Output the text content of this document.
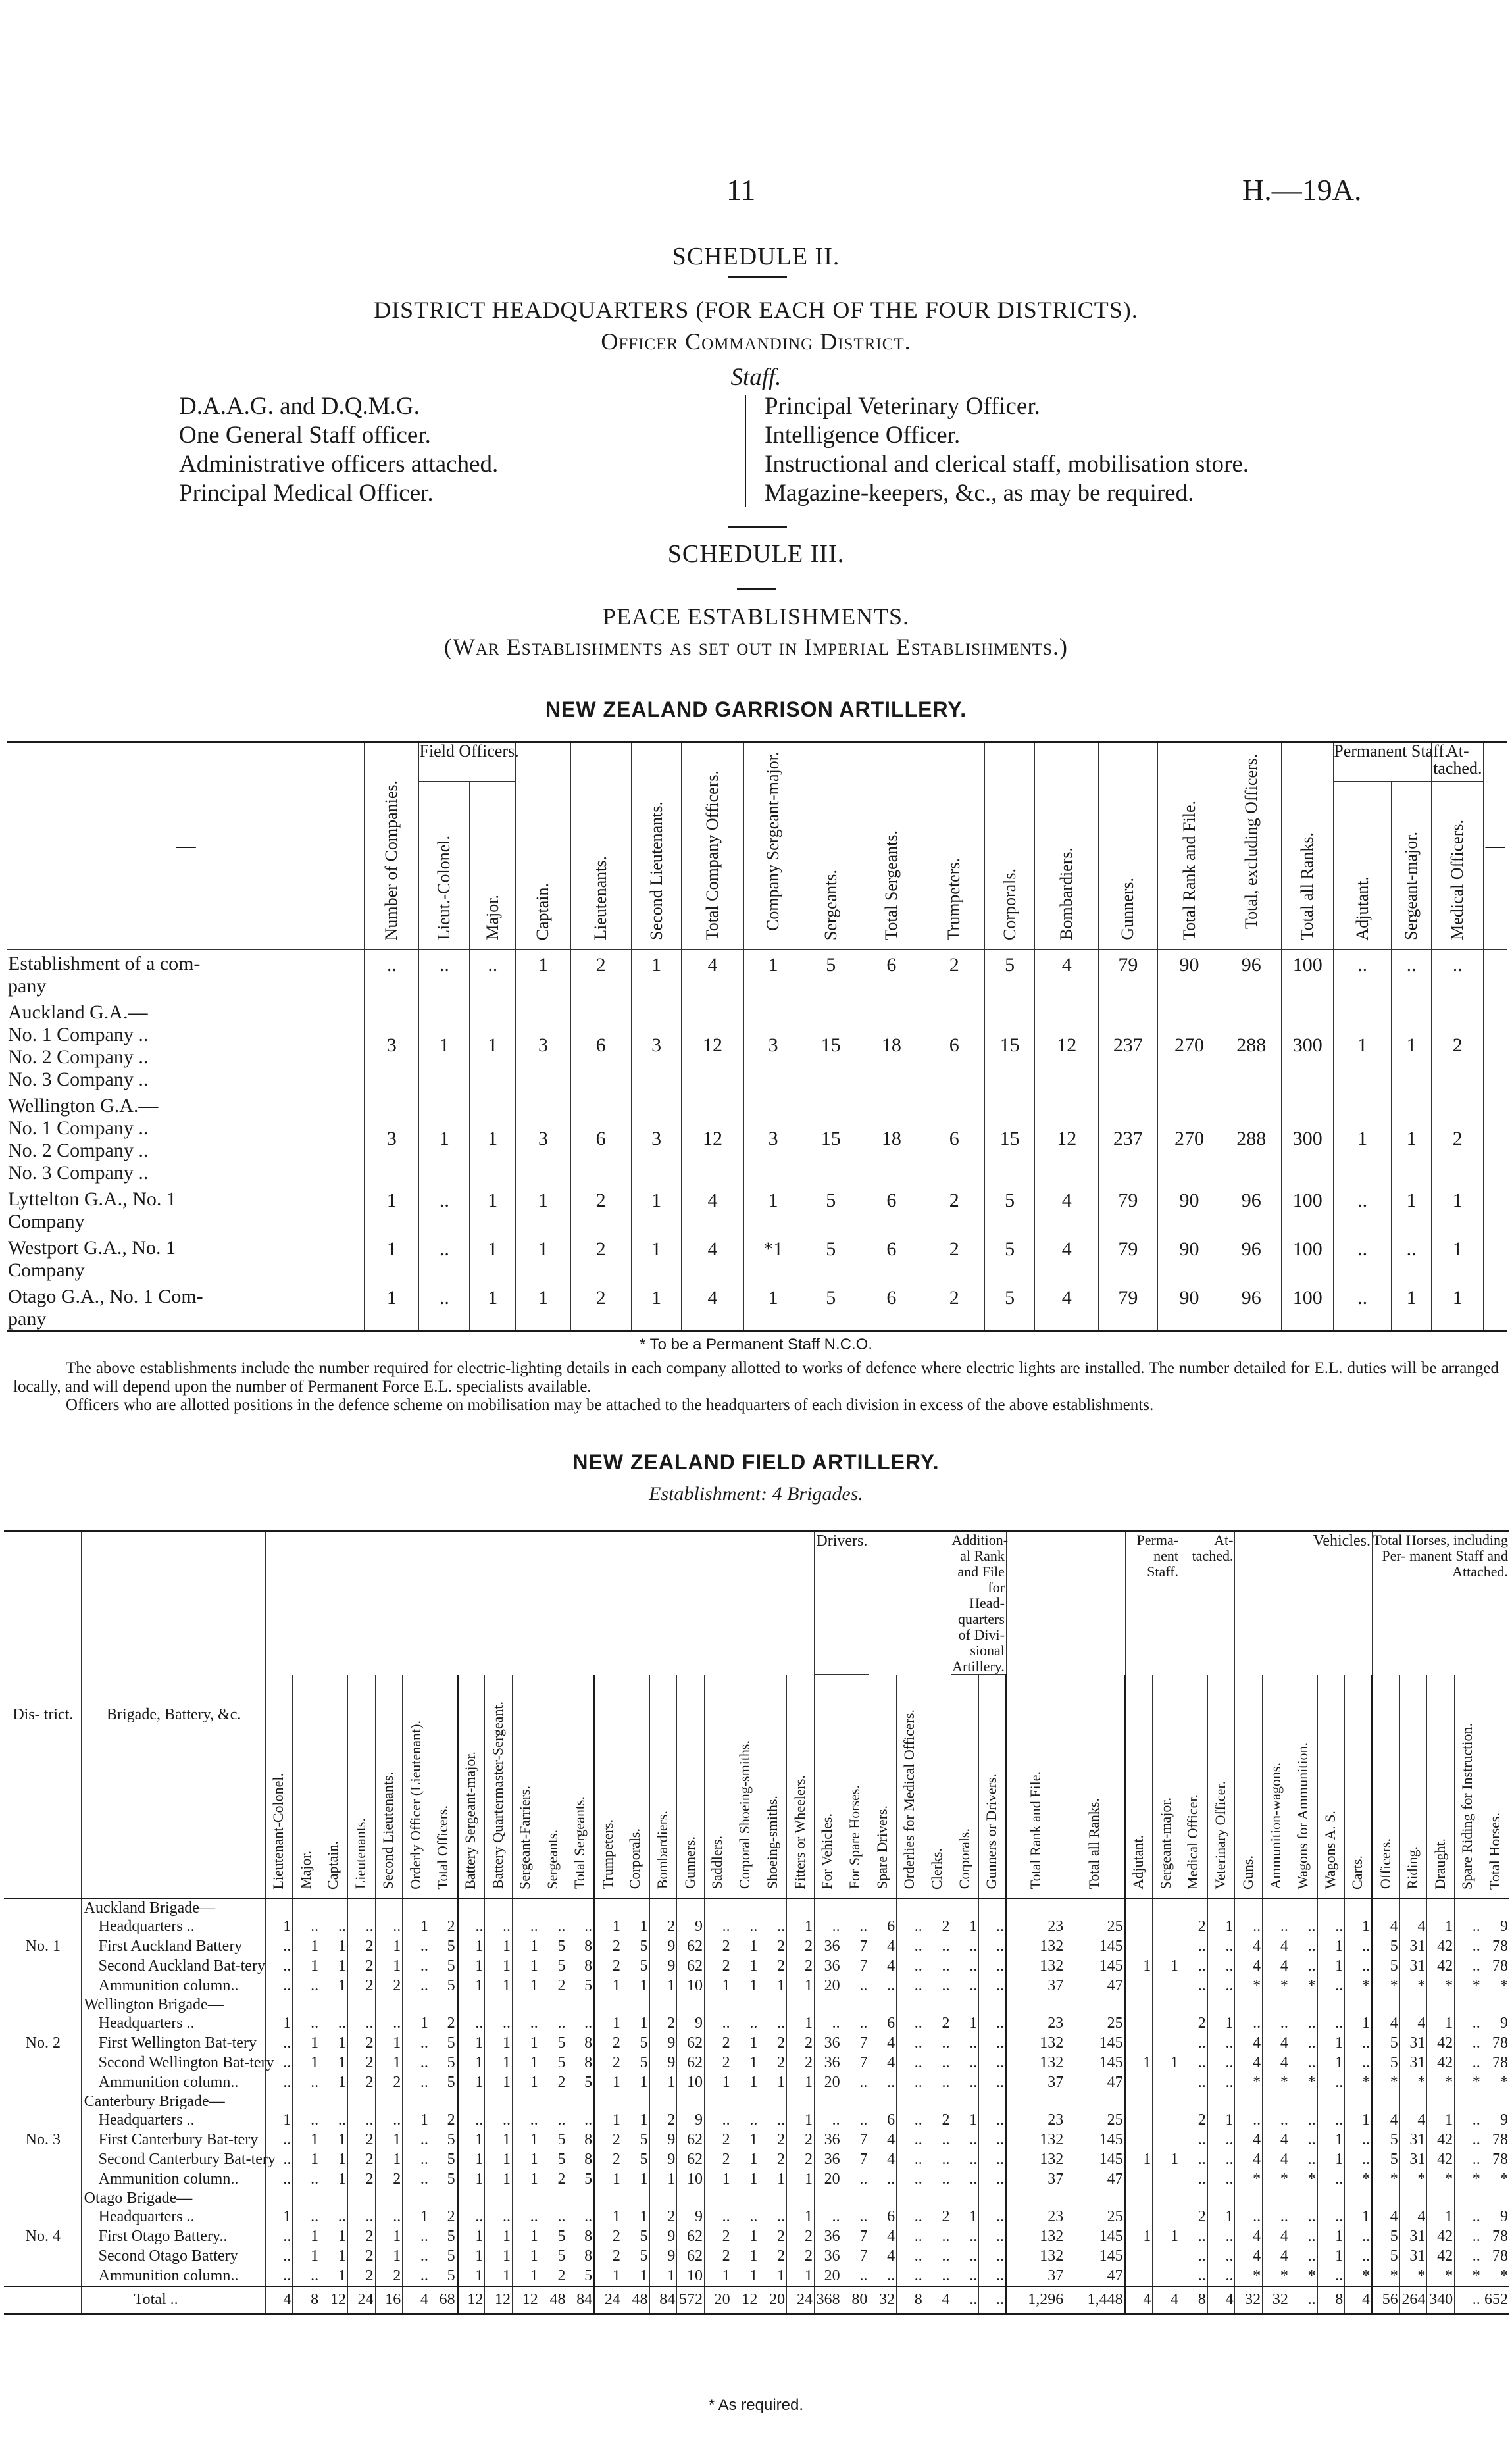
11	H.—19A.
SCHEDULE II.
DISTRICT HEADQUARTERS (FOR EACH OF THE FOUR DISTRICTS).
Officer Commanding District.
Staff.
D.A.A.G. and D.Q.M.G.
One General Staff officer.
Administrative officers attached.
Principal Medical Officer.
Principal Veterinary Officer.
Intelligence Officer.
Instructional and clerical staff, mobilisation store.
Magazine-keepers, &c., as may be required.
SCHEDULE III.
PEACE ESTABLISHMENTS.
(War Establishments as set out in Imperial Establishments.)
NEW ZEALAND GARRISON ARTILLERY.
—	Number of Companies.	Field Officers.		Captain.	Lieutenants.	Second Lieutenants.	Total Company Officers.	Company Sergeant-major.	Sergeants.	Total Sergeants.	Trumpeters.	Corporals.	Bombardiers.	Gunners.	Total Rank and File.	Total, excluding Officers.	Total all Ranks.	Permanent Staff.		At- tached.	—
		Lieut.-Colonel.	Major.															Adjutant.	Sergeant-major.	Medical Officers.	

Establishment of a com-
pany	..	..	..	1	2	1	4	1	5	6	2	5	4	79	90	96	100	..	..	..	

Auckland G.A.—
No. 1 Company ..
No. 2 Company ..
No. 3 Company ..	3	1	1	3	6	3	12	3	15	18	6	15	12	237	270	288	300	1	1	2	

Wellington G.A.—
No. 1 Company ..
No. 2 Company ..
No. 3 Company ..	3	1	1	3	6	3	12	3	15	18	6	15	12	237	270	288	300	1	1	2	

Lyttelton G.A., No. 1
Company	1	..	1	1	2	1	4	1	5	6	2	5	4	79	90	96	100	..	1	1	

Westport G.A., No. 1
Company	1	..	1	1	2	1	4	*1	5	6	2	5	4	79	90	96	100	..	..	1	

Otago G.A., No. 1 Com-
pany	1	..	1	1	2	1	4	1	5	6	2	5	4	79	90	96	100	..	1	1	
* To be a Permanent Staff N.C.O.
The above establishments include the number required for electric-lighting details in each company allotted to works of defence where electric lights are installed. The number detailed for E.L. duties will be arranged locally, and will depend upon the number of Permanent Force E.L. specialists available.
Officers who are allotted positions in the defence scheme on mobilisation may be attached to the headquarters of each division in excess of the above establishments.
NEW ZEALAND FIELD ARTILLERY.
Establishment: 4 Brigades.
Dis- trict.	Brigade, Battery, &c.																					Drivers.					Addition- al Rank and File for Head- quarters of Divi- sional Artillery.				Perma- nent Staff.		At- tached.		Vehicles.					Total Horses, including Per- manent Staff and Attached.				
		Lieutenant-Colonel.	Major.	Captain.	Lieutenants.	Second Lieutenants.	Orderly Officer (Lieutenant).	Total Officers.	Battery Sergeant-major.	Battery Quartermaster-Sergeant.	Sergeant-Farriers.	Sergeants.	Total Sergeants.	Trumpeters.	Corporals.	Bombardiers.	Gunners.	Saddlers.	Corporal Shoeing-smiths.	Shoeing-smiths.	Fitters or Wheelers.	For Vehicles.	For Spare Horses.	Spare Drivers.	Orderlies for Medical Officers.	Clerks.	Corporals.	Gunners or Drivers.	Total Rank and File.	Total all Ranks.	Adjutant.	Sergeant-major.	Medical Officer.	Veterinary Officer.	Guns.	Ammunition-wagons.	Wagons for Ammunition.	Wagons A. S.	Carts.	Officers.	Riding.	Draught.	Spare Riding for Instruction.	Total Horses.
	Auckland Brigade—																																											
	Headquarters ..	1	..	..	..	..	1	2	..	..	..	..	..	1	1	2	9	..	..	..	1	..	..	6	..	2	1	..	23	25			2	1	..	..	..	..	1	4	4	1	..	9
No. 1	First Auckland Battery	..	1	1	2	1	..	5	1	1	1	5	8	2	5	9	62	2	1	2	2	36	7	4	..	..	..	..	132	145			..	..	4	4	..	1	..	5	31	42	..	78
	Second Auckland Bat-tery	..	1	1	2	1	..	5	1	1	1	5	8	2	5	9	62	2	1	2	2	36	7	4	..	..	..	..	132	145	1	1	..	..	4	4	..	1	..	5	31	42	..	78
	Ammunition column..	..	..	1	2	2	..	5	1	1	1	2	5	1	1	1	10	1	1	1	1	20	..	..	..	..	..	..	37	47			..	..	*	*	*	..	*	*	*	*	*	*
	Wellington Brigade—																																											
	Headquarters ..	1	..	..	..	..	1	2	..	..	..	..	..	1	1	2	9	..	..	..	1	..	..	6	..	2	1	..	23	25			2	1	..	..	..	..	1	4	4	1	..	9
No. 2	First Wellington Bat-tery	..	1	1	2	1	..	5	1	1	1	5	8	2	5	9	62	2	1	2	2	36	7	4	..	..	..	..	132	145			..	..	4	4	..	1	..	5	31	42	..	78
	Second Wellington Bat-tery	..	1	1	2	1	..	5	1	1	1	5	8	2	5	9	62	2	1	2	2	36	7	4	..	..	..	..	132	145	1	1	..	..	4	4	..	1	..	5	31	42	..	78
	Ammunition column..	..	..	1	2	2	..	5	1	1	1	2	5	1	1	1	10	1	1	1	1	20	..	..	..	..	..	..	37	47			..	..	*	*	*	..	*	*	*	*	*	*
	Canterbury Brigade—																																											
	Headquarters ..	1	..	..	..	..	1	2	..	..	..	..	..	1	1	2	9	..	..	..	1	..	..	6	..	2	1	..	23	25			2	1	..	..	..	..	1	4	4	1	..	9
No. 3	First Canterbury Bat-tery	..	1	1	2	1	..	5	1	1	1	5	8	2	5	9	62	2	1	2	2	36	7	4	..	..	..	..	132	145			..	..	4	4	..	1	..	5	31	42	..	78
	Second Canterbury Bat-tery	..	1	1	2	1	..	5	1	1	1	5	8	2	5	9	62	2	1	2	2	36	7	4	..	..	..	..	132	145	1	1	..	..	4	4	..	1	..	5	31	42	..	78
	Ammunition column..	..	..	1	2	2	..	5	1	1	1	2	5	1	1	1	10	1	1	1	1	20	..	..	..	..	..	..	37	47			..	..	*	*	*	..	*	*	*	*	*	*
	Otago Brigade—																																											
	Headquarters ..	1	..	..	..	..	1	2	..	..	..	..	..	1	1	2	9	..	..	..	1	..	..	6	..	2	1	..	23	25			2	1	..	..	..	..	1	4	4	1	..	9
No. 4	First Otago Battery..	..	1	1	2	1	..	5	1	1	1	5	8	2	5	9	62	2	1	2	2	36	7	4	..	..	..	..	132	145	1	1	..	..	4	4	..	1	..	5	31	42	..	78
	Second Otago Battery	..	1	1	2	1	..	5	1	1	1	5	8	2	5	9	62	2	1	2	2	36	7	4	..	..	..	..	132	145			..	..	4	4	..	1	..	5	31	42	..	78
	Ammunition column..	..	..	1	2	2	..	5	1	1	1	2	5	1	1	1	10	1	1	1	1	20	..	..	..	..	..	..	37	47			..	..	*	*	*	..	*	*	*	*	*	*
	Total ..	4	8	12	24	16	4	68	12	12	12	48	84	24	48	84	572	20	12	20	24	368	80	32	8	4	..	..	1,296	1,448	4	4	8	4	32	32	..	8	4	56	264	340	..	652
* As required.
